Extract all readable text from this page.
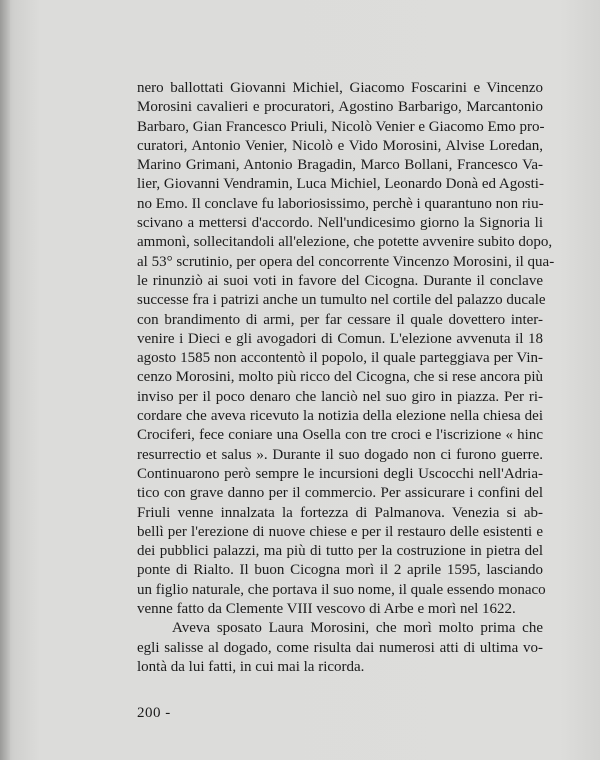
nero ballottati Giovanni Michiel, Giacomo Foscarini e Vincenzo
Morosini cavalieri e procuratori, Agostino Barbarigo, Marcantonio
Barbaro, Gian Francesco Priuli, Nicolò Venier e Giacomo Emo pro-
curatori, Antonio Venier, Nicolò e Vido Morosini, Alvise Loredan,
Marino Grimani, Antonio Bragadin, Marco Bollani, Francesco Va-
lier, Giovanni Vendramin, Luca Michiel, Leonardo Donà ed Agosti-
no Emo. Il conclave fu laboriosissimo, perchè i quarantuno non riu-
scivano a mettersi d'accordo. Nell'undicesimo giorno la Signoria li
ammonì, sollecitandoli all'elezione, che potette avvenire subito dopo,
al 53° scrutinio, per opera del concorrente Vincenzo Morosini, il qua-
le rinunziò ai suoi voti in favore del Cicogna. Durante il conclave
successe fra i patrizi anche un tumulto nel cortile del palazzo ducale
con brandimento di armi, per far cessare il quale dovettero inter-
venire i Dieci e gli avogadori di Comun. L'elezione avvenuta il 18
agosto 1585 non accontentò il popolo, il quale parteggiava per Vin-
cenzo Morosini, molto più ricco del Cicogna, che si rese ancora più
inviso per il poco denaro che lanciò nel suo giro in piazza. Per ri-
cordare che aveva ricevuto la notizia della elezione nella chiesa dei
Crociferi, fece coniare una Osella con tre croci e l'iscrizione « hinc
resurrectio et salus ». Durante il suo dogado non ci furono guerre.
Continuarono però sempre le incursioni degli Uscocchi nell'Adria-
tico con grave danno per il commercio. Per assicurare i confini del
Friuli venne innalzata la fortezza di Palmanova. Venezia si ab-
bellì per l'erezione di nuove chiese e per il restauro delle esistenti e
dei pubblici palazzi, ma più di tutto per la costruzione in pietra del
ponte di Rialto. Il buon Cicogna morì il 2 aprile 1595, lasciando
un figlio naturale, che portava il suo nome, il quale essendo monaco
venne fatto da Clemente VIII vescovo di Arbe e morì nel 1622.
Aveva sposato Laura Morosini, che morì molto prima che
egli salisse al dogado, come risulta dai numerosi atti di ultima vo-
lontà da lui fatti, in cui mai la ricorda.
200 -
